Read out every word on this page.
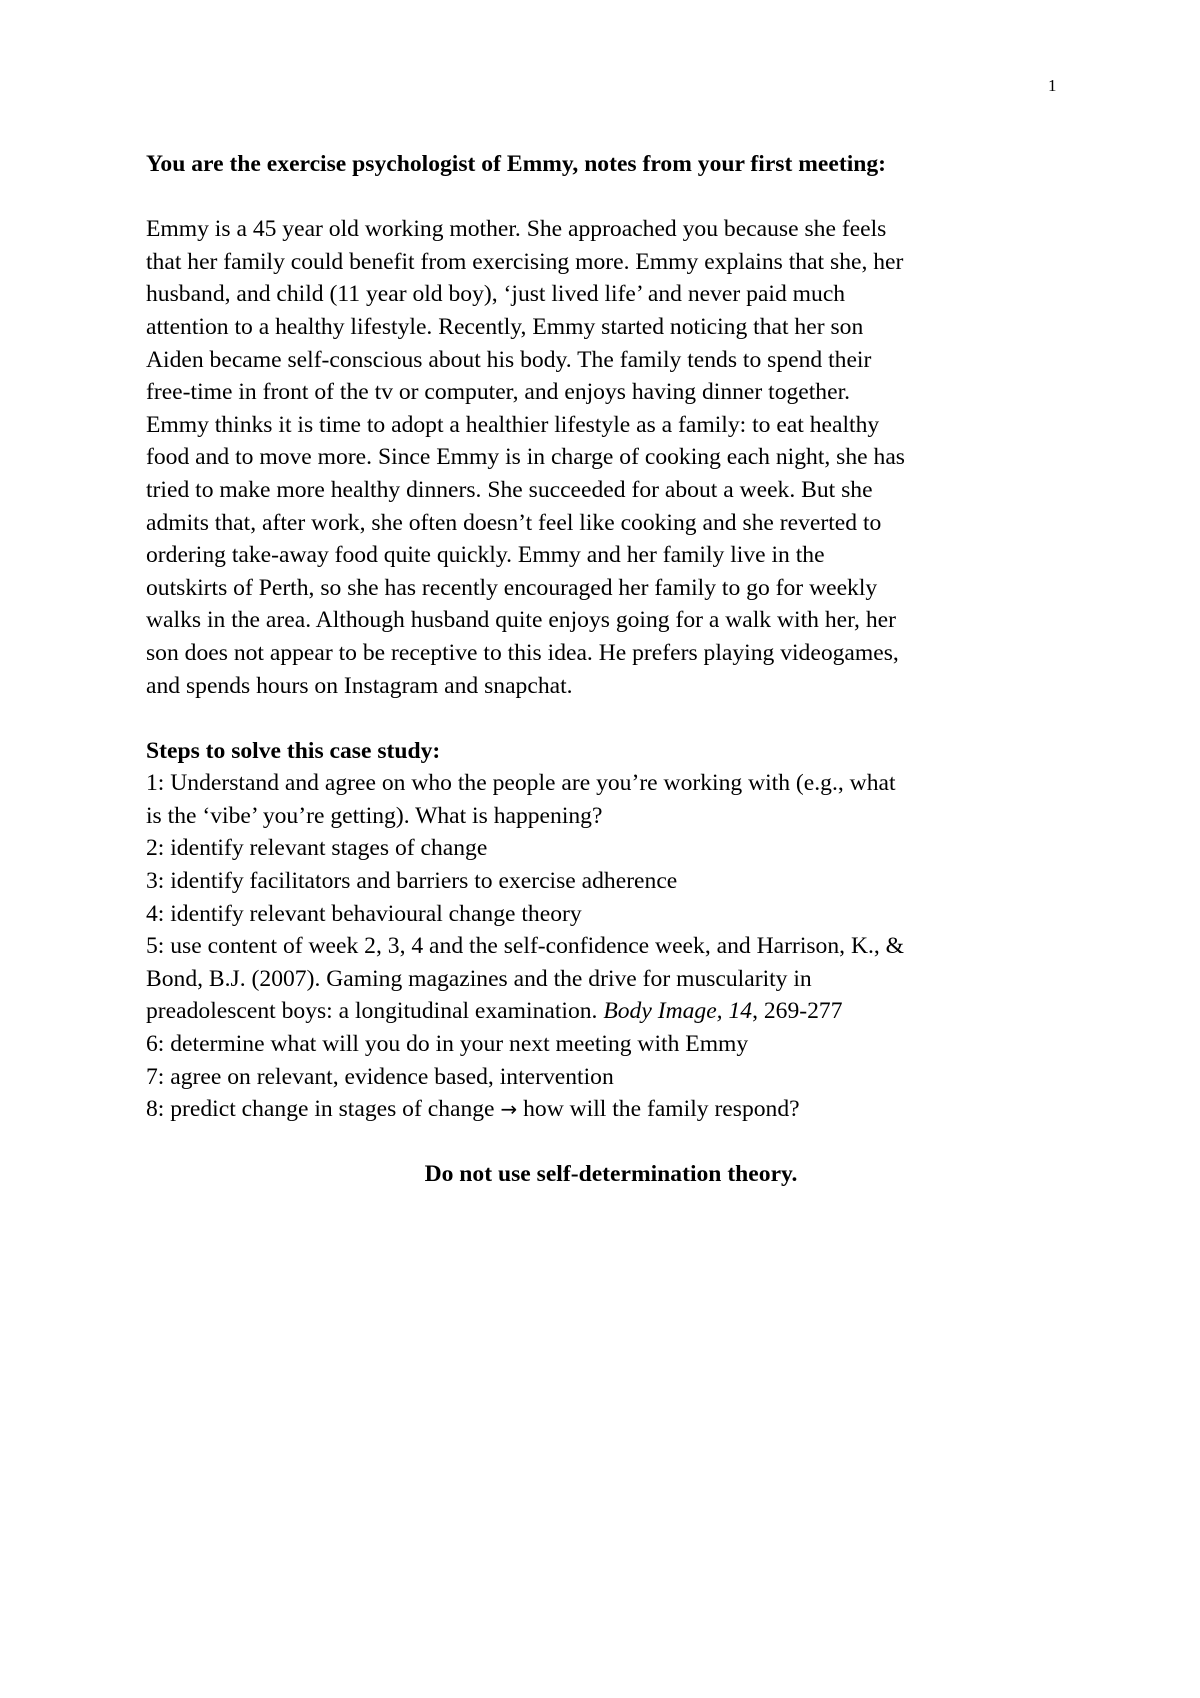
1

You are the exercise psychologist of Emmy, notes from your first meeting:

Emmy is a 45 year old working mother. She approached you because she feels
that her family could benefit from exercising more. Emmy explains that she, her
husband, and child (11 year old boy), ‘just lived life’ and never paid much
attention to a healthy lifestyle. Recently, Emmy started noticing that her son
Aiden became self-conscious about his body. The family tends to spend their
free-time in front of the tv or computer, and enjoys having dinner together.
Emmy thinks it is time to adopt a healthier lifestyle as a family: to eat healthy
food and to move more. Since Emmy is in charge of cooking each night, she has
tried to make more healthy dinners. She succeeded for about a week. But she
admits that, after work, she often doesn’t feel like cooking and she reverted to
ordering take-away food quite quickly. Emmy and her family live in the
outskirts of Perth, so she has recently encouraged her family to go for weekly
walks in the area. Although husband quite enjoys going for a walk with her, her
son does not appear to be receptive to this idea. He prefers playing videogames,
and spends hours on Instagram and snapchat.
Steps to solve this case study:
1: Understand and agree on who the people are you’re working with (e.g., what
is the ‘vibe’ you’re getting). What is happening?
2: identify relevant stages of change
3: identify facilitators and barriers to exercise adherence
4: identify relevant behavioural change theory
5: use content of week 2, 3, 4 and the self-confidence week, and Harrison, K., &
Bond, B.J. (2007). Gaming magazines and the drive for muscularity in
preadolescent boys: a longitudinal examination. Body Image, 14, 269-277
6: determine what will you do in your next meeting with Emmy
7: agree on relevant, evidence based, intervention
8: predict change in stages of change → how will the family respond?
Do not use self-determination theory.
